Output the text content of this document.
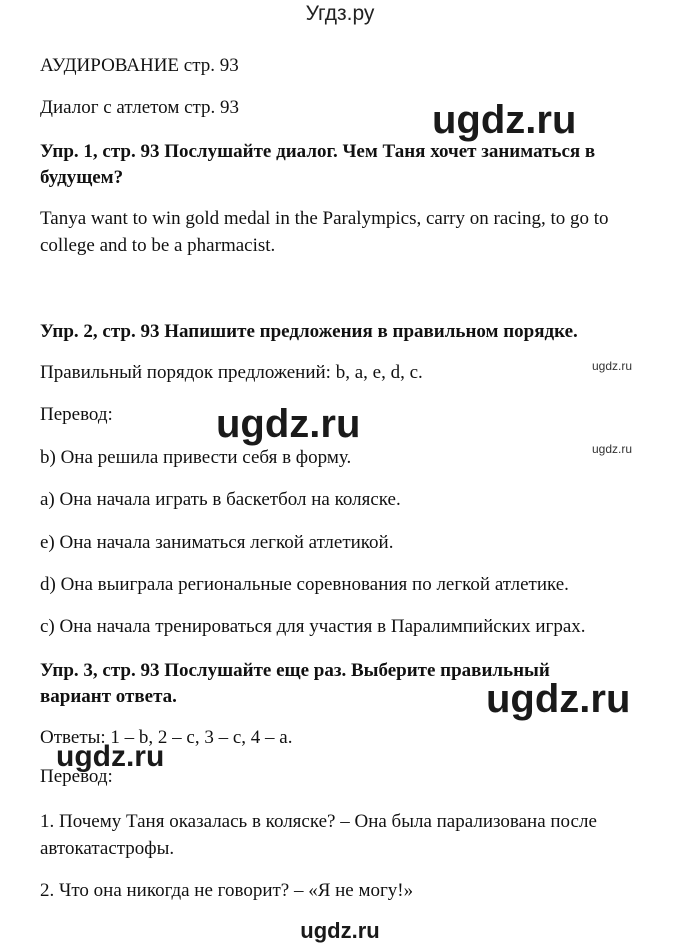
Угдз.ру
АУДИРОВАНИЕ стр. 93
Диалог с атлетом стр. 93
Упр. 1, стр. 93 Послушайте диалог. Чем Таня хочет заниматься в
будущем?
Tanya want to win gold medal in the Paralympics, carry on racing, to go to
college and to be a pharmacist.
Упр. 2, стр. 93 Напишите предложения в правильном порядке.
Правильный порядок предложений: b, a, e, d, c.
Перевод:
b) Она решила привести себя в форму.
a) Она начала играть в баскетбол на коляске.
e) Она начала заниматься легкой атлетикой.
d) Она выиграла региональные соревнования по легкой атлетике.
c) Она начала тренироваться для участия в Паралимпийских играх.
Упр. 3, стр. 93 Послушайте еще раз. Выберите правильный
вариант ответа.
Ответы: 1 – b, 2 – c, 3 – c, 4 – a.
Перевод:
1. Почему Таня оказалась в коляске? – Она была парализована после
автокатастрофы.
2. Что она никогда не говорит? – «Я не могу!»
ugdz.ru
ugdz.ru
ugdz.ru
ugdz.ru
ugdz.ru
ugdz.ru
ugdz.ru
